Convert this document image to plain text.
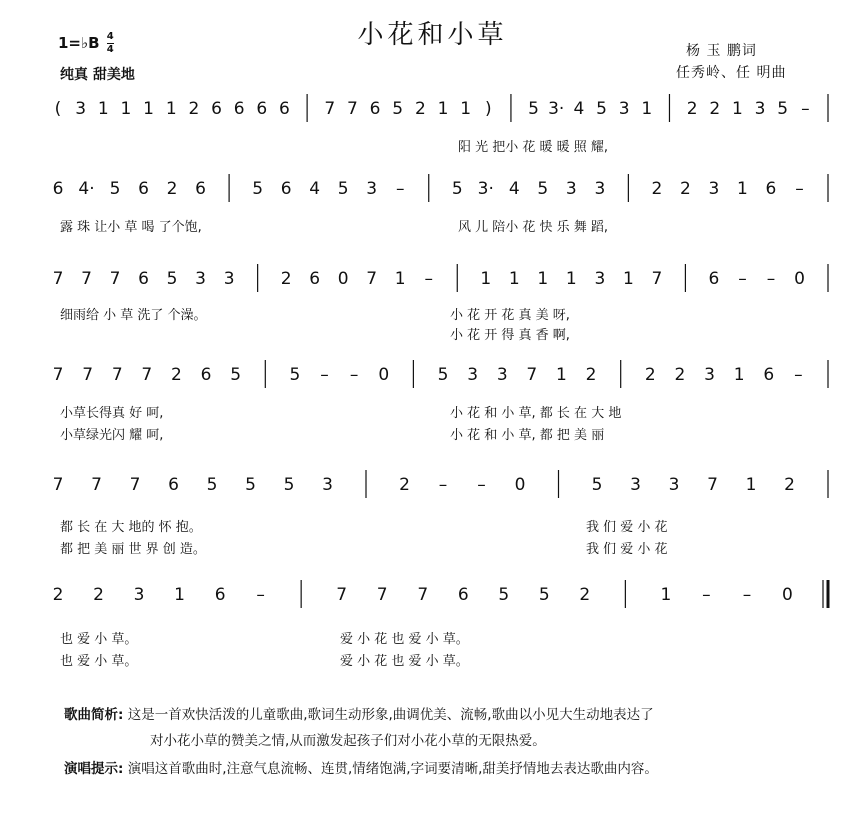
小花和小草
1=♭B $\frac{4}{4}$
纯真 甜美地
杨 玉 鹏词
任秀岭、任 明曲
( 3 1 1 1 1 2 6 6 6 6 7 7 6 5 2 1 1 ) 5 3· 4 5 3 1 2 2 1 3 5 –
阳 光 把小 花 暖 暖 照 耀,
6 4· 5 6 2 6	5 6 4 5 3 –	5 3· 4 5 3 3	2 2 3 1 6 –
露 珠 让小 草 喝 了个饱,	风 儿 陪小 花 快 乐 舞 蹈,
7 7 7 6 5 3 3	2 6 0 7 1 –	1 1 1 1 3 1 7	6 – – 0
细雨给 小 草 洗了 个澡。	小 花 开 花 真 美 呀,
小 花 开 得 真 香 啊,
7 7 7 7 2 6 5	5 – – 0	5 3 3 7 1 2	2 2 3 1 6 –
小草长得真 好 呵,
小草绿光闪 耀 呵,
小 花 和 小 草, 都 长 在 大 地
小 花 和 小 草, 都 把 美 丽
7 7 7 6 5 5 5 3	2 – – 0	5 3 3 7 1 2
都 长 在 大 地的 怀 抱。
都 把 美 丽 世 界 创 造。
我 们 爱 小 花
我 们 爱 小 花
2 2 3 1 6 –	7 7 7 6 5 5 2	1 – – 0
也 爱 小 草。
也 爱 小 草。
爱 小 花 也 爱 小 草。
爱 小 花 也 爱 小 草。
歌曲简析: 这是一首欢快活泼的儿童歌曲,歌词生动形象,曲调优美、流畅,歌曲以小见大生动地表达了
对小花小草的赞美之情,从而激发起孩子们对小花小草的无限热爱。
演唱提示: 演唱这首歌曲时,注意气息流畅、连贯,情绪饱满,字词要清晰,甜美抒情地去表达歌曲内容。
